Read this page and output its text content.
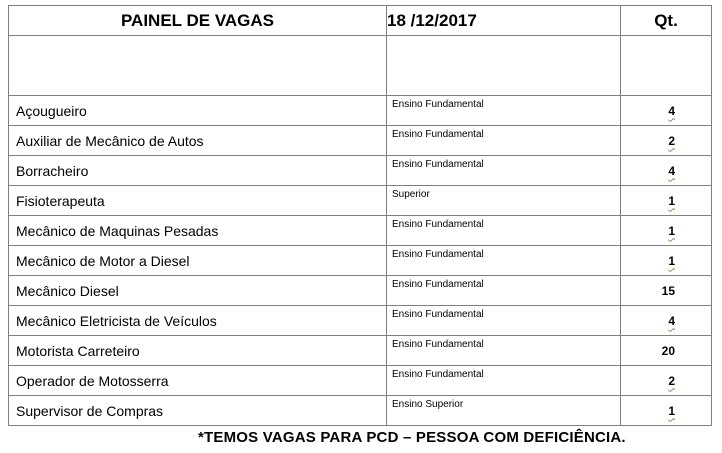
PAINEL DE VAGAS	18 /12/2017	Qt.

Açougueiro	Ensino Fundamental	4
Auxiliar de Mecânico de Autos	Ensino Fundamental	2
Borracheiro	Ensino Fundamental	4
Fisioterapeuta	Superior	1
Mecânico de Maquinas Pesadas	Ensino Fundamental	1
Mecânico de Motor a Diesel	Ensino Fundamental	1
Mecânico Diesel	Ensino Fundamental	15
Mecânico Eletricista de Veículos	Ensino Fundamental	4
Motorista Carreteiro	Ensino Fundamental	20
Operador de Motosserra	Ensino Fundamental	2
Supervisor de Compras	Ensino Superior	1
*TEMOS VAGAS PARA PCD – PESSOA COM DEFICIÊNCIA.
